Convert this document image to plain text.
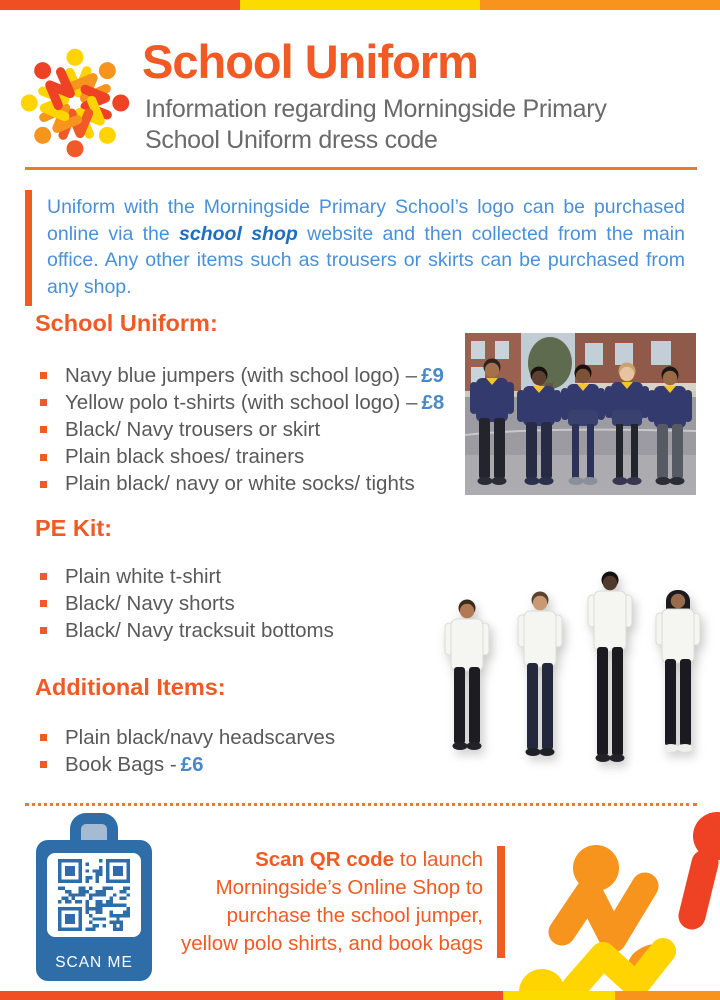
School Uniform
Information regarding Morningside Primary
School Uniform dress code

Uniform with the Morningside Primary School’s logo can be purchased online via the school shop website and then collected from the main office. Any other items such as trousers or skirts can be purchased from any shop.

School Uniform:
Navy blue jumpers (with school logo) – £9
Yellow polo t-shirts (with school logo) – £8
Black/ Navy trousers or skirt
Plain black shoes/ trainers
Plain black/ navy or white socks/ tights
PE Kit:
Plain white t-shirt
Black/ Navy shorts
Black/ Navy tracksuit bottoms
Additional Items:
Plain black/navy headscarves
Book Bags - £6
SCAN ME
Scan QR code to launch
Morningside’s Online Shop to
purchase the school jumper,
yellow polo shirts, and book bags
